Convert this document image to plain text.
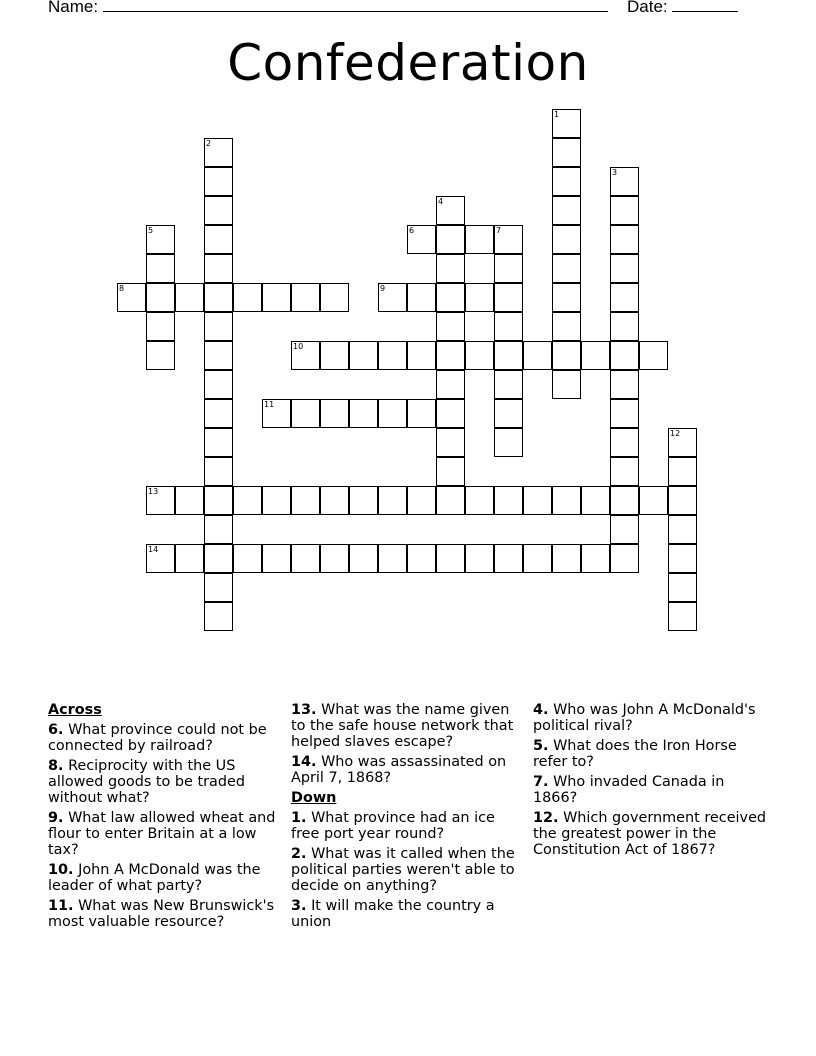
Name:	Date:
Confederation
1
2
3
4
5	6	7
8	9
10
11
12
13
14
Across
6. What province could not be connected by railroad?
8. Reciprocity with the US allowed goods to be traded without what?
9. What law allowed wheat and flour to enter Britain at a low tax?
10. John A McDonald was the leader of what party?
11. What was New Brunswick's most valuable resource?
13. What was the name given to the safe house network that helped slaves escape?
14. Who was assassinated on April 7, 1868?
Down
1. What province had an ice free port year round?
2. What was it called when the political parties weren't able to decide on anything?
3. It will make the country a union
4. Who was John A McDonald's political rival?
5. What does the Iron Horse refer to?
7. Who invaded Canada in 1866?
12. Which government received the greatest power in the Constitution Act of 1867?
